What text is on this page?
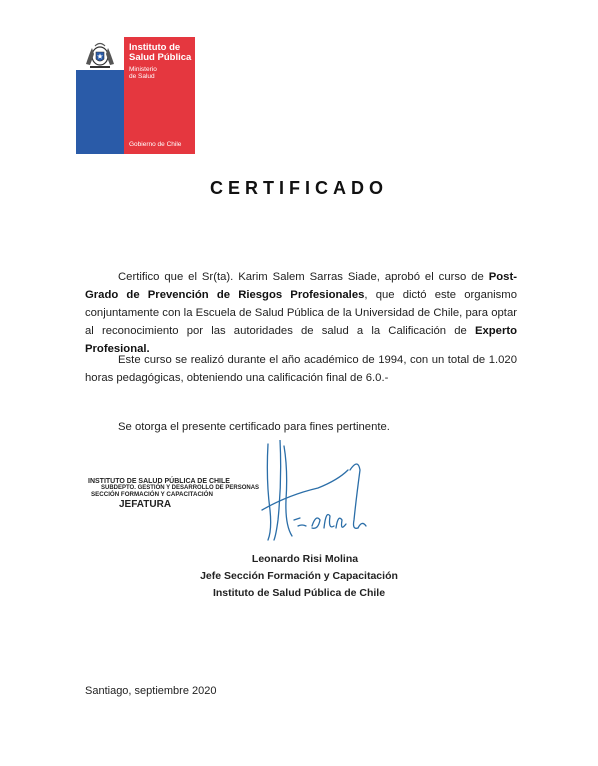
Instituto de
Salud Pública
Ministerio
de Salud
Gobierno de Chile
CERTIFICADO
Certifico que el Sr(ta). Karim Salem Sarras Siade, aprobó el curso de Post-Grado de Prevención de Riesgos Profesionales, que dictó este organismo conjuntamente con la Escuela de Salud Pública de la Universidad de Chile, para optar al reconocimiento por las autoridades de salud a la Calificación de Experto Profesional.
Este curso se realizó durante el año académico de 1994, con un total de 1.020 horas pedagógicas, obteniendo una calificación final de 6.0.-
Se otorga el presente certificado para fines pertinente.
INSTITUTO DE SALUD PÚBLICA DE CHILE
SUBDEPTO. GESTIÓN Y DESARROLLO DE PERSONAS
SECCIÓN FORMACIÓN Y CAPACITACIÓN
JEFATURA
Leonardo Risi Molina
Jefe Sección Formación y Capacitación
Instituto de Salud Pública de Chile
Santiago, septiembre 2020
